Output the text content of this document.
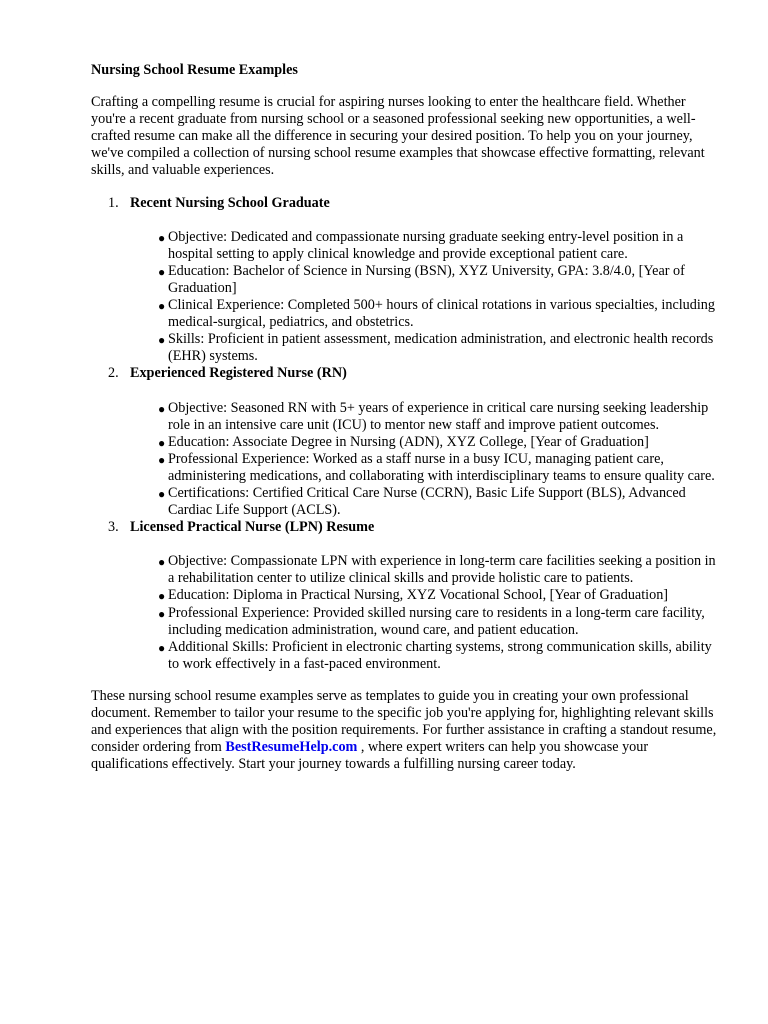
Nursing School Resume Examples
Crafting a compelling resume is crucial for aspiring nurses looking to enter the healthcare field. Whether you're a recent graduate from nursing school or a seasoned professional seeking new opportunities, a well-crafted resume can make all the difference in securing your desired position. To help you on your journey, we've compiled a collection of nursing school resume examples that showcase effective formatting, relevant skills, and valuable experiences.
1. Recent Nursing School Graduate
● Objective: Dedicated and compassionate nursing graduate seeking entry-level position in a hospital setting to apply clinical knowledge and provide exceptional patient care.
● Education: Bachelor of Science in Nursing (BSN), XYZ University, GPA: 3.8/4.0, [Year of Graduation]
● Clinical Experience: Completed 500+ hours of clinical rotations in various specialties, including medical-surgical, pediatrics, and obstetrics.
● Skills: Proficient in patient assessment, medication administration, and electronic health records (EHR) systems.
2. Experienced Registered Nurse (RN)
● Objective: Seasoned RN with 5+ years of experience in critical care nursing seeking leadership role in an intensive care unit (ICU) to mentor new staff and improve patient outcomes.
● Education: Associate Degree in Nursing (ADN), XYZ College, [Year of Graduation]
● Professional Experience: Worked as a staff nurse in a busy ICU, managing patient care, administering medications, and collaborating with interdisciplinary teams to ensure quality care.
● Certifications: Certified Critical Care Nurse (CCRN), Basic Life Support (BLS), Advanced Cardiac Life Support (ACLS).
3. Licensed Practical Nurse (LPN) Resume
● Objective: Compassionate LPN with experience in long-term care facilities seeking a position in a rehabilitation center to utilize clinical skills and provide holistic care to patients.
● Education: Diploma in Practical Nursing, XYZ Vocational School, [Year of Graduation]
● Professional Experience: Provided skilled nursing care to residents in a long-term care facility, including medication administration, wound care, and patient education.
● Additional Skills: Proficient in electronic charting systems, strong communication skills, ability to work effectively in a fast-paced environment.
These nursing school resume examples serve as templates to guide you in creating your own professional document. Remember to tailor your resume to the specific job you're applying for, highlighting relevant skills and experiences that align with the position requirements. For further assistance in crafting a standout resume, consider ordering from BestResumeHelp.com , where expert writers can help you showcase your qualifications effectively. Start your journey towards a fulfilling nursing career today.
